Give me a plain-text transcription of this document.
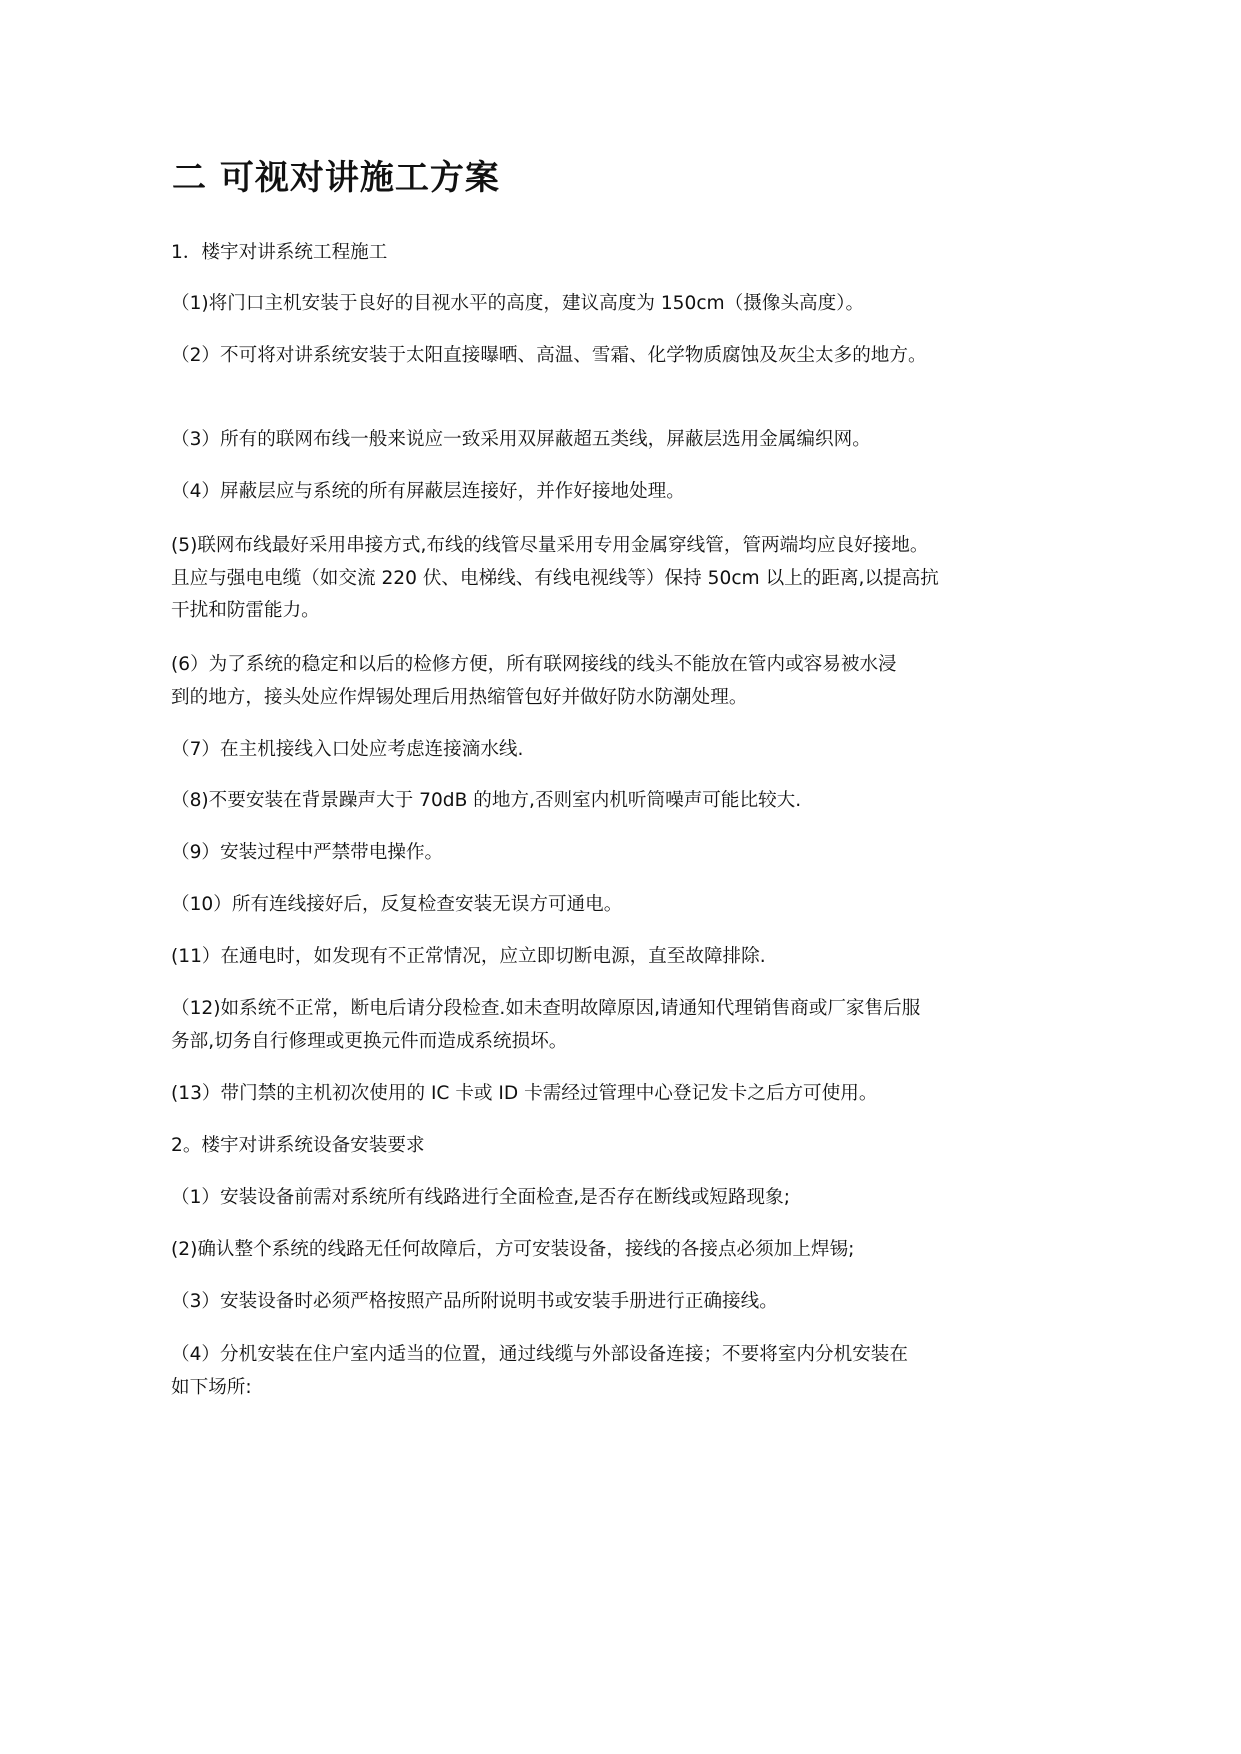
二 可视对讲施工方案
1．楼宇对讲系统工程施工
（1)将门口主机安装于良好的目视水平的高度，建议高度为 150cm（摄像头高度）。
（2）不可将对讲系统安装于太阳直接曝晒、高温、雪霜、化学物质腐蚀及灰尘太多的地方。
（3）所有的联网布线一般来说应一致采用双屏蔽超五类线，屏蔽层选用金属编织网。
（4）屏蔽层应与系统的所有屏蔽层连接好，并作好接地处理。
(5)联网布线最好采用串接方式,布线的线管尽量采用专用金属穿线管，管两端均应良好接地。
且应与强电电缆（如交流 220 伏、电梯线、有线电视线等）保持 50cm 以上的距离,以提高抗
干扰和防雷能力。
(6）为了系统的稳定和以后的检修方便，所有联网接线的线头不能放在管内或容易被水浸
到的地方，接头处应作焊锡处理后用热缩管包好并做好防水防潮处理。
（7）在主机接线入口处应考虑连接滴水线.
（8)不要安装在背景躁声大于 70dB 的地方,否则室内机听筒噪声可能比较大.
（9）安装过程中严禁带电操作。
（10）所有连线接好后，反复检查安装无误方可通电。
(11）在通电时，如发现有不正常情况，应立即切断电源，直至故障排除.
（12)如系统不正常，断电后请分段检查.如未查明故障原因,请通知代理销售商或厂家售后服
务部,切务自行修理或更换元件而造成系统损坏。
(13）带门禁的主机初次使用的 IC 卡或 ID 卡需经过管理中心登记发卡之后方可使用。
2。楼宇对讲系统设备安装要求
（1）安装设备前需对系统所有线路进行全面检查,是否存在断线或短路现象;
(2)确认整个系统的线路无任何故障后，方可安装设备，接线的各接点必须加上焊锡;
（3）安装设备时必须严格按照产品所附说明书或安装手册进行正确接线。
（4）分机安装在住户室内适当的位置，通过线缆与外部设备连接；不要将室内分机安装在
如下场所:
